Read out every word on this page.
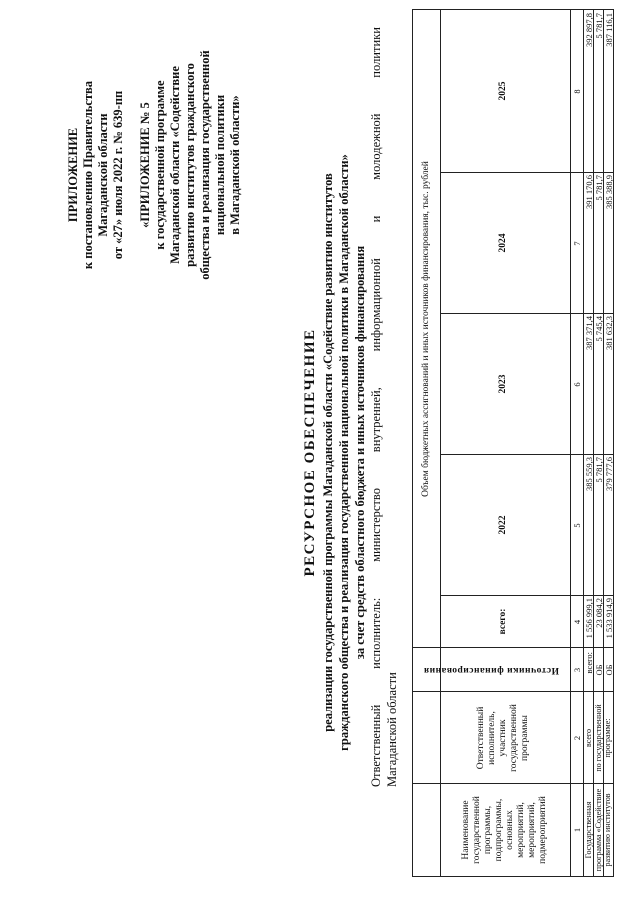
ПРИЛОЖЕНИЕ к постановлению Правительства Магаданской области от «27» июля 2022 г. № 639-пп «ПРИЛОЖЕНИЕ № 5 к государственной программе Магаданской области «Содействие развитию институтов гражданского общества и реализация государственной национальной политики в Магаданской области»
РЕСУРСНОЕ ОБЕСПЕЧЕНИЕ реализации государственной программы Магаданской области «Содействие развитию институтов гражданского общества и реализация государственной национальной политики в Магаданской области» за счет средств областного бюджета и иных источников финансирования
Ответственный
исполнитель:
министерство
внутренней,
информационной
и
молодежной
политики
Магаданской области
Наименование государственной программы, подпрограммы, основных мероприятий, мероприятий, подмероприятий
Ответственный исполнитель, участник государственной программы
Источники финансирования
Объем бюджетных ассигнований и иных источников финансирования, тыс. рублей
всего:
2022
2023
2024
2025
1
2
3
4
5
6
7
8
Государственная программа «Содействие развитию институтов
всего по государственной программе:
всего:
1 556 999,1
385 559,3
387 371,4
391 170,6
392 897,8
ОБ
23 084,2
5 781,7
5 745,4
5 781,7
5 781,7
ОБ
1 533 914,9
379 777,6
381 632,3
385 388,9
387 116,1
